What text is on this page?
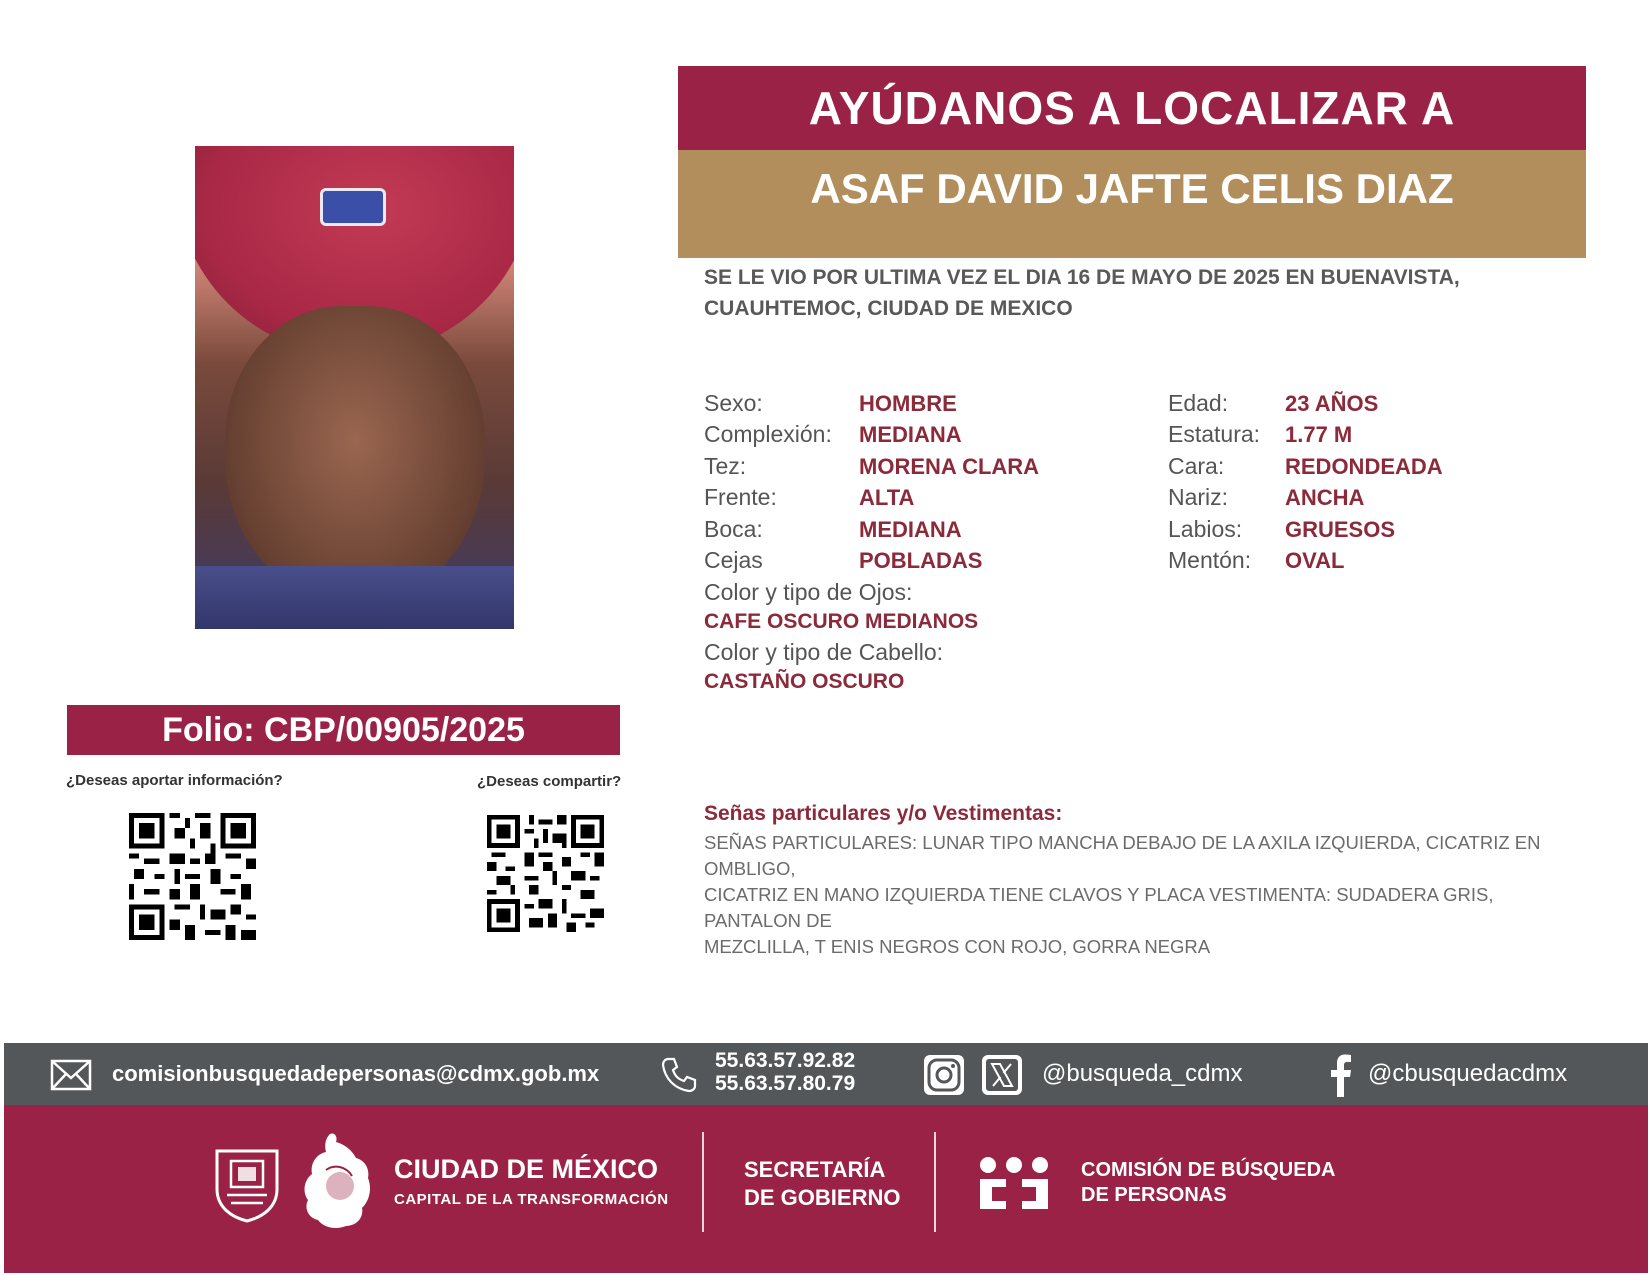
AYÚDANOS A LOCALIZAR A
ASAF DAVID JAFTE CELIS DIAZ
SE LE VIO POR ULTIMA VEZ EL DIA 16 DE MAYO DE 2025 EN BUENAVISTA,
CUAUHTEMOC, CIUDAD DE MEXICO
Sexo:	HOMBRE
Complexión: MEDIANA
Tez:	MORENA CLARA
Frente:	ALTA
Boca:	MEDIANA
Cejas	POBLADAS
Edad:	23 AÑOS
Estatura: 1.77 M
Cara:	REDONDEADA
Nariz:	ANCHA
Labios: GRUESOS
Mentón: OVAL
Color y tipo de Ojos:
CAFE OSCURO MEDIANOS
Color y tipo de Cabello:
CASTAÑO OSCURO
Folio: CBP/00905/2025
¿Deseas aportar información?	¿Deseas compartir?
Señas particulares y/o Vestimentas:
SEÑAS PARTICULARES: LUNAR TIPO MANCHA DEBAJO DE LA AXILA IZQUIERDA, CICATRIZ EN OMBLIGO,
CICATRIZ EN MANO IZQUIERDA TIENE CLAVOS Y PLACA VESTIMENTA: SUDADERA GRIS, PANTALON DE
MEZCLILLA, T ENIS NEGROS CON ROJO, GORRA NEGRA
comisionbusquedadepersonas@cdmx.gob.mx
55.63.57.92.82
55.63.57.80.79	@busqueda_cdmx	@cbusquedacdmx
CIUDAD DE MÉXICO
CAPITAL DE LA TRANSFORMACIÓN
SECRETARÍA
DE GOBIERNO
COMISIÓN DE BÚSQUEDA
DE PERSONAS
